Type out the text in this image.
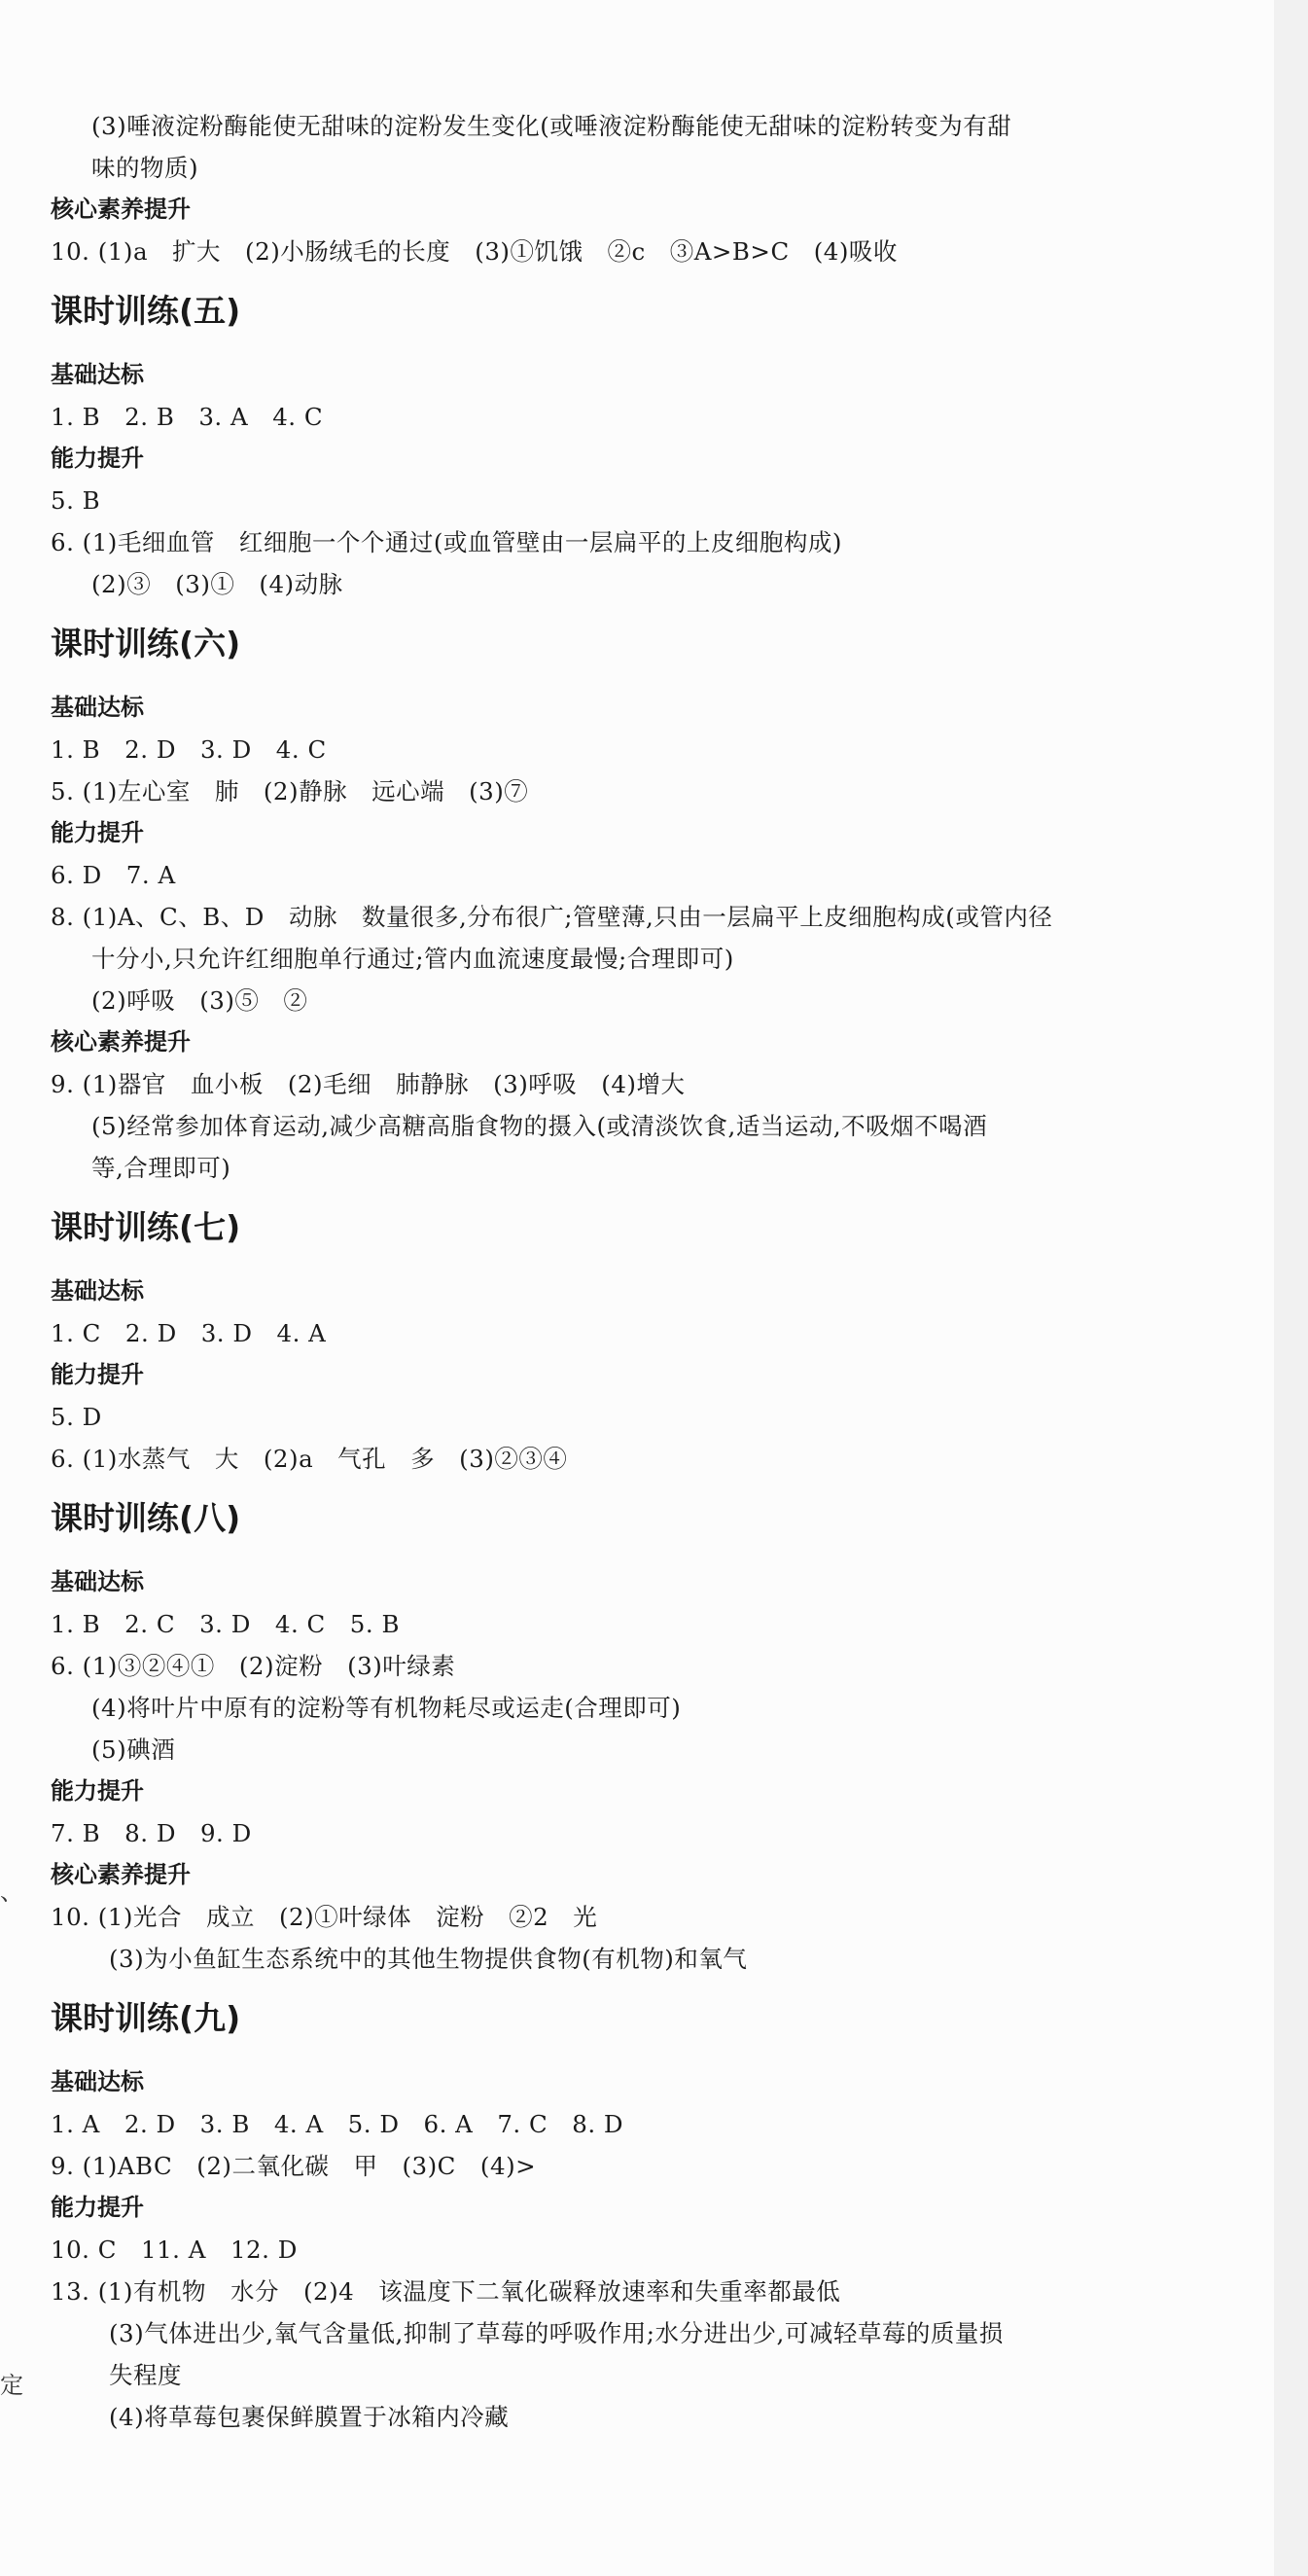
(3)唾液淀粉酶能使无甜味的淀粉发生变化(或唾液淀粉酶能使无甜味的淀粉转变为有甜
味的物质)
核心素养提升
10. (1)a　扩大　(2)小肠绒毛的长度　(3)①饥饿　②c　③A>B>C　(4)吸收
课时训练(五)
基础达标
1. B　2. B　3. A　4. C
能力提升
5. B
6. (1)毛细血管　红细胞一个个通过(或血管壁由一层扁平的上皮细胞构成)
(2)③　(3)①　(4)动脉
课时训练(六)
基础达标
1. B　2. D　3. D　4. C
5. (1)左心室　肺　(2)静脉　远心端　(3)⑦
能力提升
6. D　7. A
8. (1)A、C、B、D　动脉　数量很多,分布很广;管壁薄,只由一层扁平上皮细胞构成(或管内径
十分小,只允许红细胞单行通过;管内血流速度最慢;合理即可)
(2)呼吸　(3)⑤　②
核心素养提升
9. (1)器官　血小板　(2)毛细　肺静脉　(3)呼吸　(4)增大
(5)经常参加体育运动,减少高糖高脂食物的摄入(或清淡饮食,适当运动,不吸烟不喝酒
等,合理即可)
课时训练(七)
基础达标
1. C　2. D　3. D　4. A
能力提升
5. D
6. (1)水蒸气　大　(2)a　气孔　多　(3)②③④
课时训练(八)
基础达标
1. B　2. C　3. D　4. C　5. B
6. (1)③②④①　(2)淀粉　(3)叶绿素
(4)将叶片中原有的淀粉等有机物耗尽或运走(合理即可)
(5)碘酒
能力提升
7. B　8. D　9. D
核心素养提升
10. (1)光合　成立　(2)①叶绿体　淀粉　②2　光
(3)为小鱼缸生态系统中的其他生物提供食物(有机物)和氧气
课时训练(九)
基础达标
1. A　2. D　3. B　4. A　5. D　6. A　7. C　8. D
9. (1)ABC　(2)二氧化碳　甲　(3)C　(4)>
能力提升
10. C　11. A　12. D
13. (1)有机物　水分　(2)4　该温度下二氧化碳释放速率和失重率都最低
(3)气体进出少,氧气含量低,抑制了草莓的呼吸作用;水分进出少,可减轻草莓的质量损
失程度
(4)将草莓包裹保鲜膜置于冰箱内冷藏
、
定
